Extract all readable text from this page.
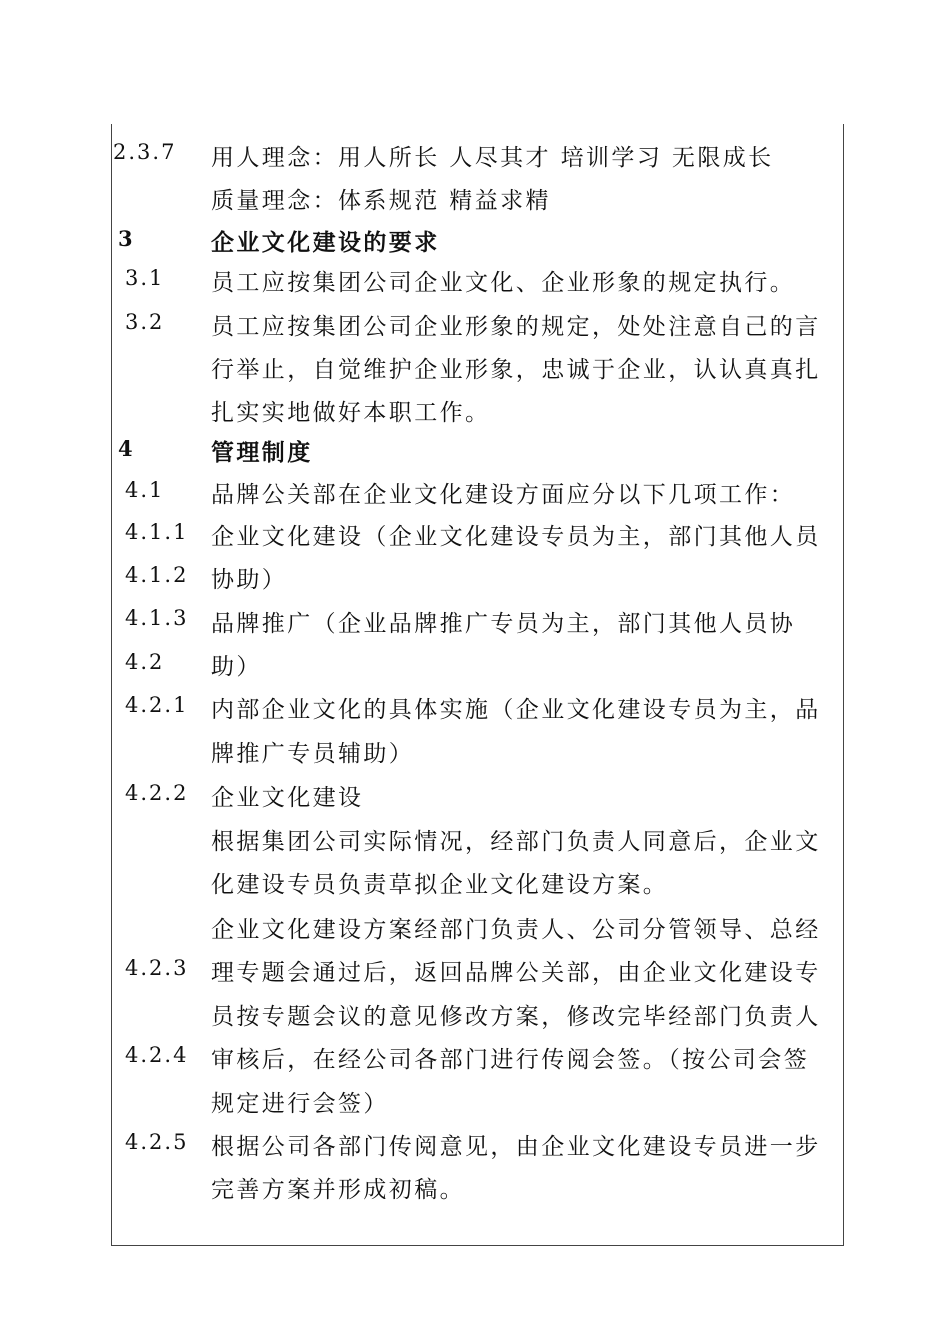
2.3.7
3
3.1
3.2
4
4.1
4.1.1
4.1.2
4.1.3
4.2
4.2.1
4.2.2
4.2.3
4.2.4
4.2.5
用人理念：用人所长 人尽其才 培训学习 无限成长
质量理念：体系规范 精益求精
企业文化建设的要求
员工应按集团公司企业文化、企业形象的规定执行。
员工应按集团公司企业形象的规定，处处注意自己的言
行举止，自觉维护企业形象，忠诚于企业，认认真真扎
扎实实地做好本职工作。
管理制度
品牌公关部在企业文化建设方面应分以下几项工作：
企业文化建设（企业文化建设专员为主，部门其他人员
协助）
品牌推广（企业品牌推广专员为主，部门其他人员协
助）
内部企业文化的具体实施（企业文化建设专员为主，品
牌推广专员辅助）
企业文化建设
根据集团公司实际情况，经部门负责人同意后，企业文
化建设专员负责草拟企业文化建设方案。
企业文化建设方案经部门负责人、公司分管领导、总经
理专题会通过后，返回品牌公关部，由企业文化建设专
员按专题会议的意见修改方案，修改完毕经部门负责人
审核后，在经公司各部门进行传阅会签。（按公司会签
规定进行会签）
根据公司各部门传阅意见，由企业文化建设专员进一步
完善方案并形成初稿。
